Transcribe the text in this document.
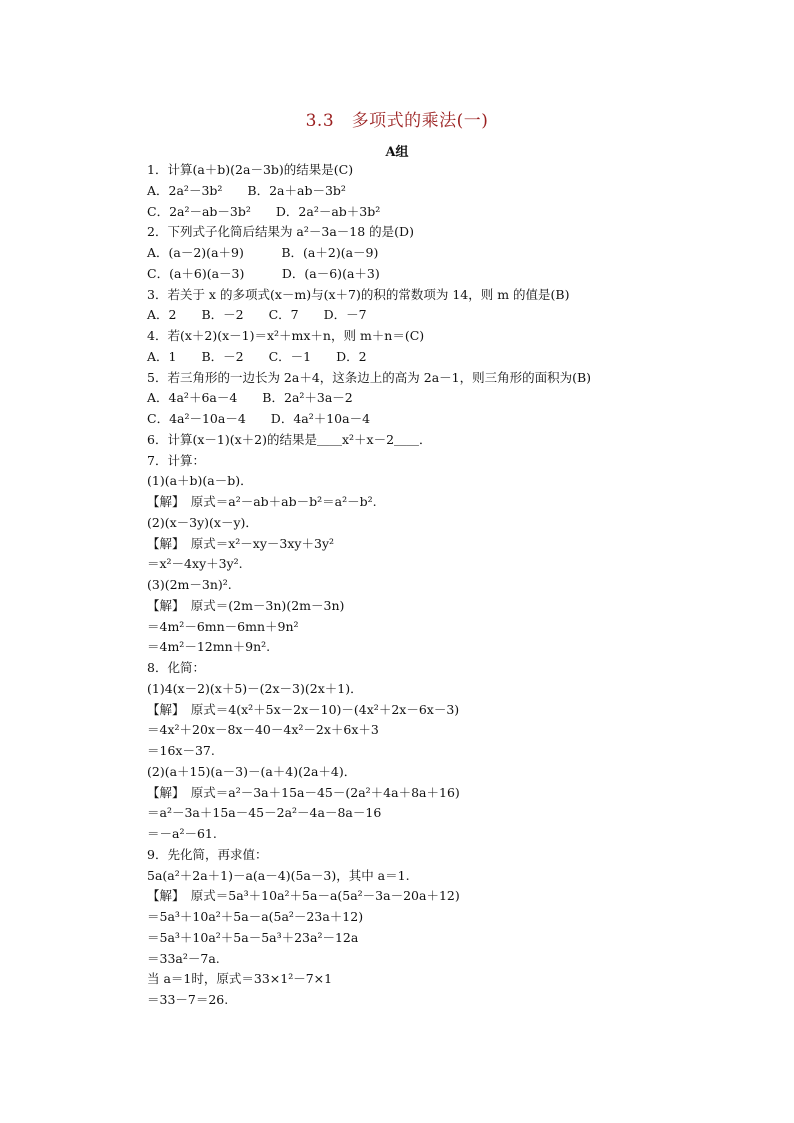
3.3　多项式的乘法(一)
A组
1．计算(a＋b)(2a－3b)的结果是(C)
A．2a²－3b²　　B．2a＋ab－3b²
C．2a²－ab－3b²　　D．2a²－ab＋3b²
2．下列式子化简后结果为 a²－3a－18 的是(D)
A．(a－2)(a＋9)　　　B．(a＋2)(a－9)
C．(a＋6)(a－3)　　　D．(a－6)(a＋3)
3．若关于 x 的多项式(x－m)与(x＋7)的积的常数项为 14，则 m 的值是(B)
A．2　　B．－2　　C．7　　D．－7
4．若(x＋2)(x－1)＝x²＋mx＋n，则 m＋n＝(C)
A．1　　B．－2　　C．－1　　D．2
5．若三角形的一边长为 2a＋4，这条边上的高为 2a－1，则三角形的面积为(B)
A．4a²＋6a－4　　B．2a²＋3a－2
C．4a²－10a－4　　D．4a²＋10a－4
6．计算(x－1)(x＋2)的结果是＿＿x²＋x－2＿＿．
7．计算：
(1)(a＋b)(a－b)．
【解】　原式＝a²－ab＋ab－b²＝a²－b².
(2)(x－3y)(x－y)．
【解】　原式＝x²－xy－3xy＋3y²
＝x²－4xy＋3y².
(3)(2m－3n)².
【解】　原式＝(2m－3n)(2m－3n)
＝4m²－6mn－6mn＋9n²
＝4m²－12mn＋9n².
8．化简：
(1)4(x－2)(x＋5)－(2x－3)(2x＋1)．
【解】　原式＝4(x²＋5x－2x－10)－(4x²＋2x－6x－3)
＝4x²＋20x－8x－40－4x²－2x＋6x＋3
＝16x－37.
(2)(a＋15)(a－3)－(a＋4)(2a＋4)．
【解】　原式＝a²－3a＋15a－45－(2a²＋4a＋8a＋16)
＝a²－3a＋15a－45－2a²－4a－8a－16
＝－a²－61.
9．先化简，再求值：
5a(a²＋2a＋1)－a(a－4)(5a－3)，其中 a＝1.
【解】　原式＝5a³＋10a²＋5a－a(5a²－3a－20a＋12)
＝5a³＋10a²＋5a－a(5a²－23a＋12)
＝5a³＋10a²＋5a－5a³＋23a²－12a
＝33a²－7a.
当 a＝1时，原式＝33×1²－7×1
＝33－7＝26.
